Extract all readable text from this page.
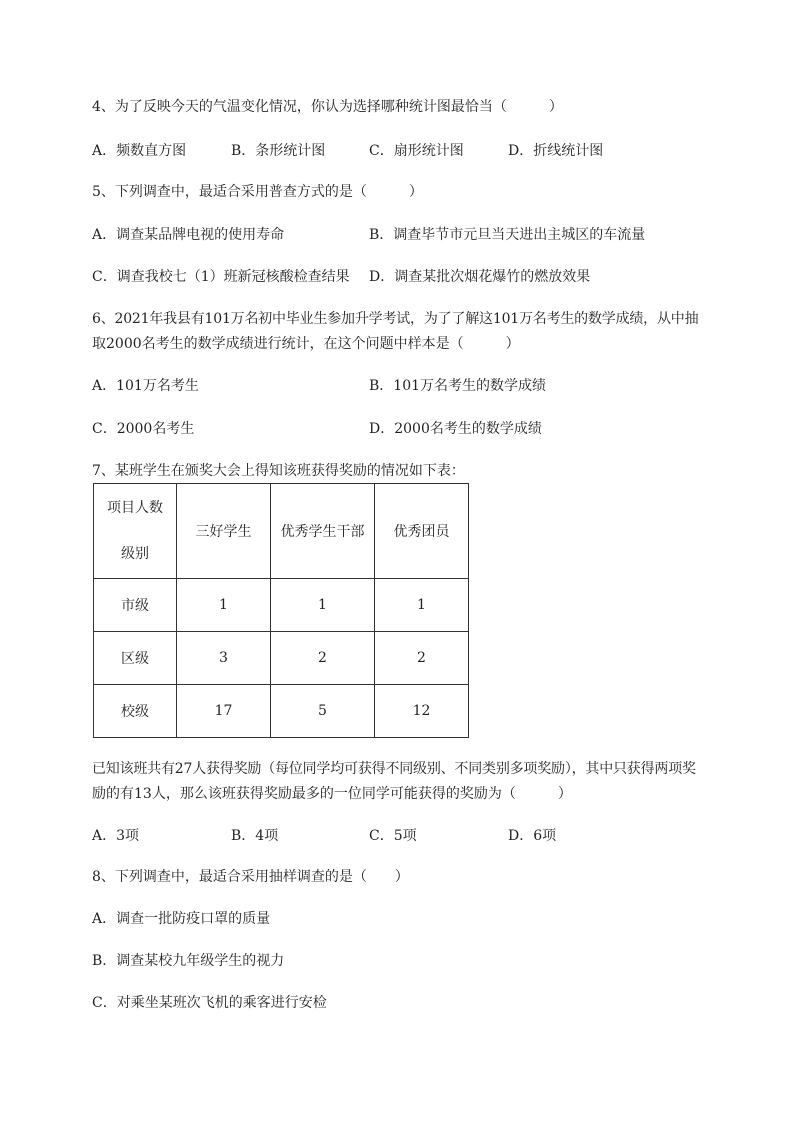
4、为了反映今天的气温变化情况，你认为选择哪种统计图最恰当（　　　）
A．频数直方图	B．条形统计图	C．扇形统计图	D．折线统计图
5、下列调查中，最适合采用普查方式的是（　　　）
A．调查某品牌电视的使用寿命	B．调查毕节市元旦当天进出主城区的车流量
C．调查我校七（1）班新冠核酸检查结果 D．调查某批次烟花爆竹的燃放效果
6、2021年我县有101万名初中毕业生参加升学考试，为了了解这101万名考生的数学成绩，从中抽
取2000名考生的数学成绩进行统计，在这个问题中样本是（　　　）
A．101万名考生	B．101万名考生的数学成绩
C．2000名考生	D．2000名考生的数学成绩
7、某班学生在颁奖大会上得知该班获得奖励的情况如下表：
项目人数
级别	三好学生	优秀学生干部	优秀团员
市级	1	1	1
区级	3	2	2
校级	17	5	12
已知该班共有27人获得奖励（每位同学均可获得不同级别、不同类别多项奖励），其中只获得两项奖
励的有13人，那么该班获得奖励最多的一位同学可能获得的奖励为（　　　）
A．3项	B．4项	C．5项	D．6项
8、下列调查中，最适合采用抽样调查的是（　　）
A．调查一批防疫口罩的质量
B．调查某校九年级学生的视力
C．对乘坐某班次飞机的乘客进行安检
